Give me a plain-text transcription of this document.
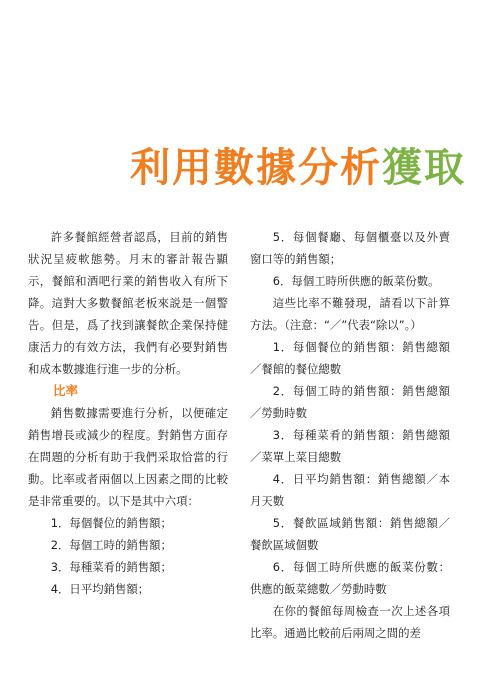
利用數據分析獲取

許多餐館經營者認爲，目前的銷售狀況呈疲軟態勢。月末的審計報告顯示，餐館和酒吧行業的銷售收入有所下降。這對大多數餐館老板來説是一個警告。但是，爲了找到讓餐飲企業保持健康活力的有效方法，我們有必要對銷售和成本數據進行進一步的分析。

比率

銷售數據需要進行分析，以便確定銷售增長或減少的程度。對銷售方面存在問題的分析有助于我們采取恰當的行動。比率或者兩個以上因素之間的比較是非常重要的。以下是其中六項：

1．每個餐位的銷售額；

2．每個工時的銷售額；

3．每種菜肴的銷售額；

4．日平均銷售額；

5．每個餐廳、每個櫃臺以及外賣窗口等的銷售額；

6．每個工時所供應的飯菜份數。

這些比率不難發現，請看以下計算方法。（注意：“／”代表“除以”。）

1．每個餐位的銷售額：銷售總額／餐館的餐位總數

2．每個工時的銷售額：銷售總額／勞動時數

3．每種菜肴的銷售額：銷售總額／菜單上菜目總數

4．日平均銷售額：銷售總額／本月天數

5．餐飲區域銷售額：銷售總額／餐飲區域個數

6．每個工時所供應的飯菜份數：供應的飯菜總數／勞動時數

在你的餐館每周檢查一次上述各項比率。通過比較前后兩周之間的差
